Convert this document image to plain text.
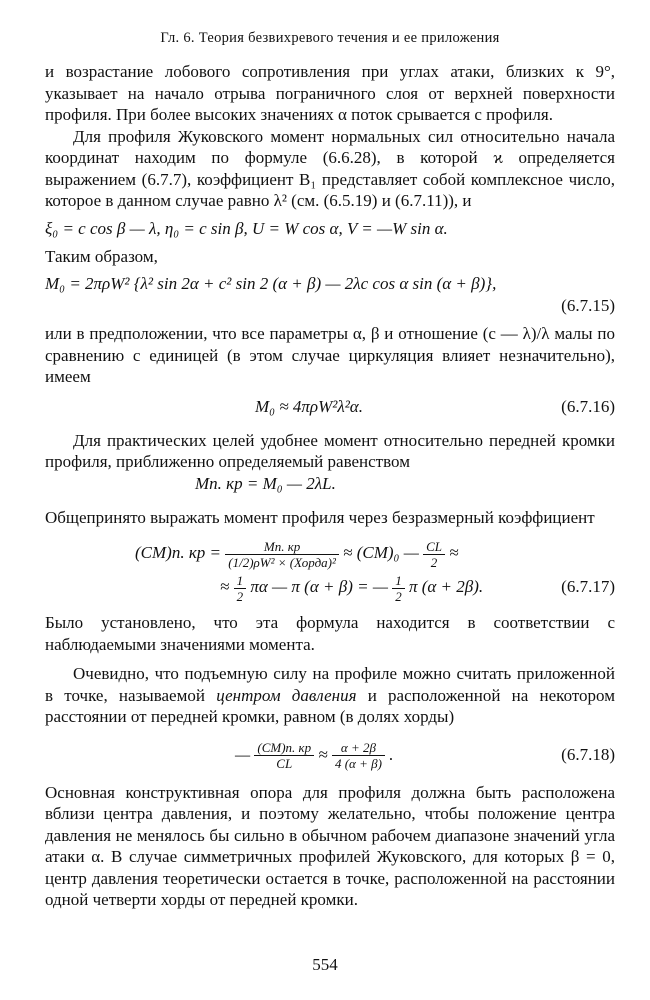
Гл. 6. Теория безвихревого течения и ее приложения

и возрастание лобового сопротивления при углах атаки, близких к 9°, указывает на начало отрыва пограничного слоя от верхней поверхности профиля. При более высоких значениях α поток срывается с профиля.

Для профиля Жуковского момент нормальных сил относительно начала координат находим по формуле (6.6.28), в которой ϰ определяется выражением (6.7.7), коэффициент B₁ представляет собой комплексное число, которое в данном случае равно λ² (см. (6.5.19) и (6.7.11)), и

ξ₀ = c cos β — λ, η₀ = c sin β, U = W cos α, V = —W sin α.

Таким образом,

M₀ = 2πρW² {λ² sin 2α + c² sin 2 (α + β) — 2λc cos α sin (α + β)},
(6.7.15)

или в предположении, что все параметры α, β и отношение (c — λ)/λ малы по сравнению с единицей (в этом случае циркуляция влияет незначительно), имеем

M₀ ≈ 4πρW²λ²α.	(6.7.16)

Для практических целей удобнее момент относительно передней кромки профиля, приближенно определяемый равенством

Mп. кр = M₀ — 2λL.

Общепринято выражать момент профиля через безразмерный коэффициент

(CM)п. кр = $\frac{Mп. кр}{\text{(1/2)ρW² × (Хорда)²}} \approx (CM)_0$ — $\frac{CL}{2}$ ≈
≈ $\frac{1}{2}$ πα — π (α + β) = — $\frac{1}{2}$ π (α + 2β).	(6.7.17)

Было установлено, что эта формула находится в соответствии с наблюдаемыми значениями момента.

Очевидно, что подъемную силу на профиле можно считать приложенной в точке, называемой центром давления и расположенной на некотором расстоянии от передней кромки, равном (в долях хорды)

— $\frac{(CM)п. кр}{CL} \approx \frac{\alpha + 2\beta}{4 (\alpha + \beta)}$ .	(6.7.18)

Основная конструктивная опора для профиля должна быть расположена вблизи центра давления, и поэтому желательно, чтобы положение центра давления не менялось бы сильно в обычном рабочем диапазоне значений угла атаки α. В случае симметричных профилей Жуковского, для которых β = 0, центр давления теоретически остается в точке, расположенной на расстоянии одной четверти хорды от передней кромки.

554
